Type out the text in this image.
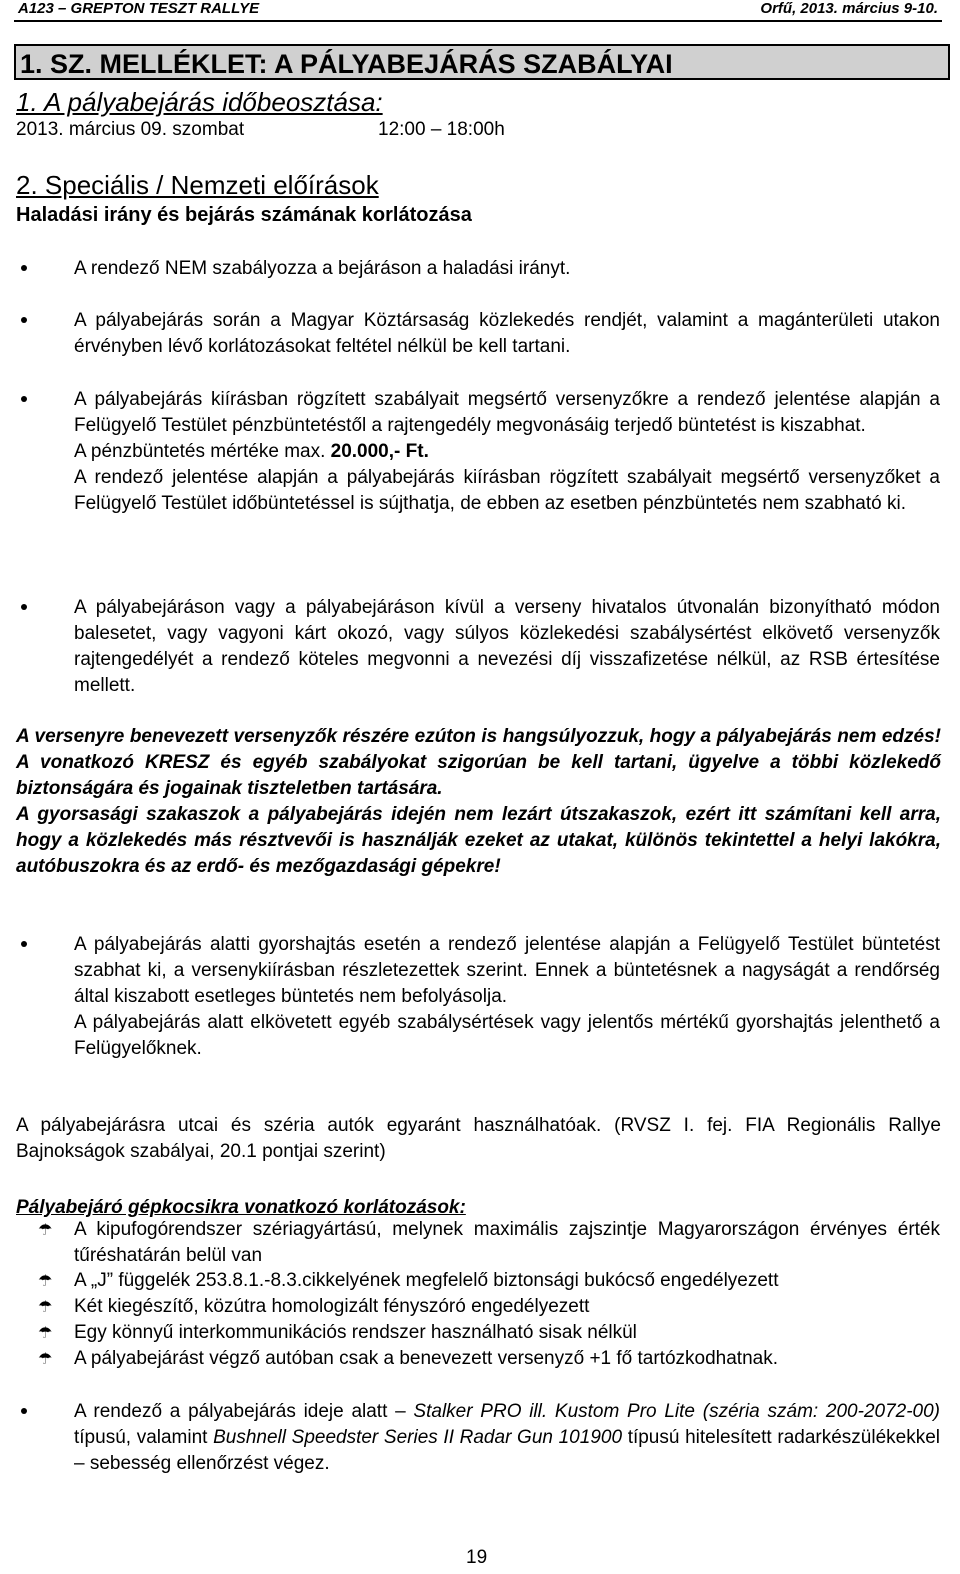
A123 – GREPTON TESZT RALLYE	Orfű, 2013. március 9-10.
1. SZ. MELLÉKLET: A PÁLYABEJÁRÁS SZABÁLYAI
1. A pályabejárás időbeosztása:
2013. március 09. szombat	12:00 – 18:00h
2. Speciális / Nemzeti előírások
Haladási irány és bejárás számának korlátozása

A rendező NEM szabályozza a bejáráson a haladási irányt.

A pályabejárás során a Magyar Köztársaság közlekedés rendjét, valamint a magánterületi utakon érvényben lévő korlátozásokat feltétel nélkül be kell tartani.

A pályabejárás kiírásban rögzített szabályait megsértő versenyzőkre a rendező jelentése alapján a Felügyelő Testület pénzbüntetéstől a rajtengedély megvonásáig terjedő büntetést is kiszabhat.

A pénzbüntetés mértéke max. 20.000,- Ft.

A rendező jelentése alapján a pályabejárás kiírásban rögzített szabályait megsértő versenyzőket a Felügyelő Testület időbüntetéssel is sújthatja, de ebben az esetben pénzbüntetés nem szabható ki.

A pályabejáráson vagy a pályabejáráson kívül a verseny hivatalos útvonalán bizonyítható módon balesetet, vagy vagyoni kárt okozó, vagy súlyos közlekedési szabálysértést elkövető versenyzők rajtengedélyét a rendező köteles megvonni a nevezési díj visszafizetése nélkül, az RSB értesítése mellett.

A versenyre benevezett versenyzők részére ezúton is hangsúlyozzuk, hogy a pályabejárás nem edzés! A vonatkozó KRESZ és egyéb szabályokat szigorúan be kell tartani, ügyelve a többi közlekedő biztonságára és jogainak tiszteletben tartására.

A gyorsasági szakaszok a pályabejárás idején nem lezárt útszakaszok, ezért itt számítani kell arra, hogy a közlekedés más résztvevői is használják ezeket az utakat, különös tekintettel a helyi lakókra, autóbuszokra és az erdő- és mezőgazdasági gépekre!

A pályabejárás alatti gyorshajtás esetén a rendező jelentése alapján a Felügyelő Testület büntetést szabhat ki, a versenykiírásban részletezettek szerint. Ennek a büntetésnek a nagyságát a rendőrség által kiszabott esetleges büntetés nem befolyásolja.

A pályabejárás alatt elkövetett egyéb szabálysértések vagy jelentős mértékű gyorshajtás jelenthető a Felügyelőknek.

A pályabejárásra utcai és széria autók egyaránt használhatóak. (RVSZ I. fej. FIA Regionális Rallye Bajnokságok szabályai, 20.1 pontjai szerint)

Pályabejáró gépkocsikra vonatkozó korlátozások:
☂ A kipufogórendszer szériagyártású, melynek maximális zajszintje Magyarországon érvényes érték tűréshatárán belül van
☂ A „J” függelék 253.8.1.-8.3.cikkelyének megfelelő biztonsági bukócső engedélyezett
☂ Két kiegészítő, közútra homologizált fényszóró engedélyezett
☂ Egy könnyű interkommunikációs rendszer használható sisak nélkül
☂ A pályabejárást végző autóban csak a benevezett versenyző +1 fő tartózkodhatnak.

A rendező a pályabejárás ideje alatt – Stalker PRO ill. Kustom Pro Lite (széria szám: 200-2072-00) típusú, valamint Bushnell Speedster Series II Radar Gun 101900 típusú hitelesített radarkészülékekkel – sebesség ellenőrzést végez.

19
